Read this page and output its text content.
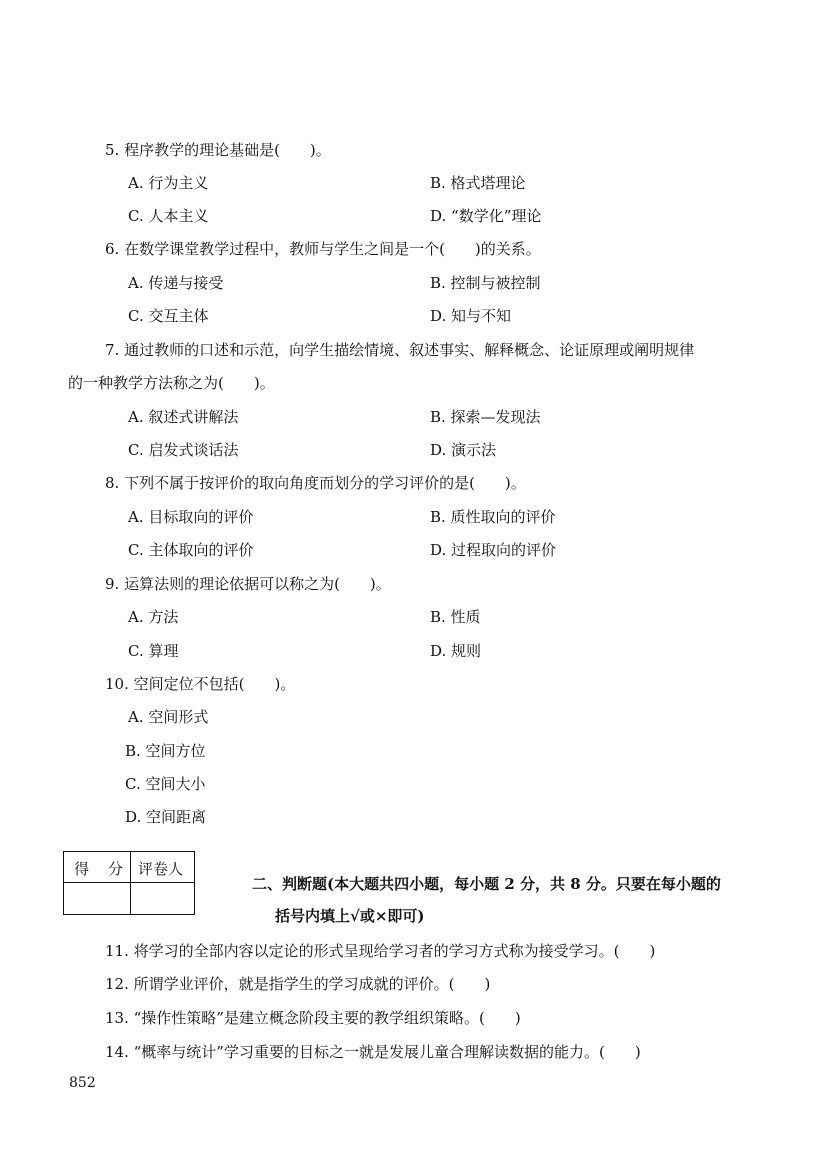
5. 程序教学的理论基础是(　　)。
A. 行为主义	B. 格式塔理论
C. 人本主义	D. “数学化”理论
6. 在数学课堂教学过程中，教师与学生之间是一个(　　)的关系。
A. 传递与接受	B. 控制与被控制
C. 交互主体	D. 知与不知
7. 通过教师的口述和示范，向学生描绘情境、叙述事实、解释概念、论证原理或阐明规律
的一种教学方法称之为(　　)。
A. 叙述式讲解法	B. 探索—发现法
C. 启发式谈话法	D. 演示法
8. 下列不属于按评价的取向角度而划分的学习评价的是(　　)。
A. 目标取向的评价	B. 质性取向的评价
C. 主体取向的评价	D. 过程取向的评价
9. 运算法则的理论依据可以称之为(　　)。
A. 方法	B. 性质
C. 算理	D. 规则
10. 空间定位不包括(　　)。
A. 空间形式
B. 空间方位
C. 空间大小
D. 空间距离
得　分 评卷人
二、判断题(本大题共四小题，每小题 2 分，共 8 分。只要在每小题的
括号内填上√或×即可)
11. 将学习的全部内容以定论的形式呈现给学习者的学习方式称为接受学习。(　　)
12. 所谓学业评价，就是指学生的学习成就的评价。(　　)
13. “操作性策略”是建立概念阶段主要的教学组织策略。(　　)
14. “概率与统计”学习重要的目标之一就是发展儿童合理解读数据的能力。(　　)
852
